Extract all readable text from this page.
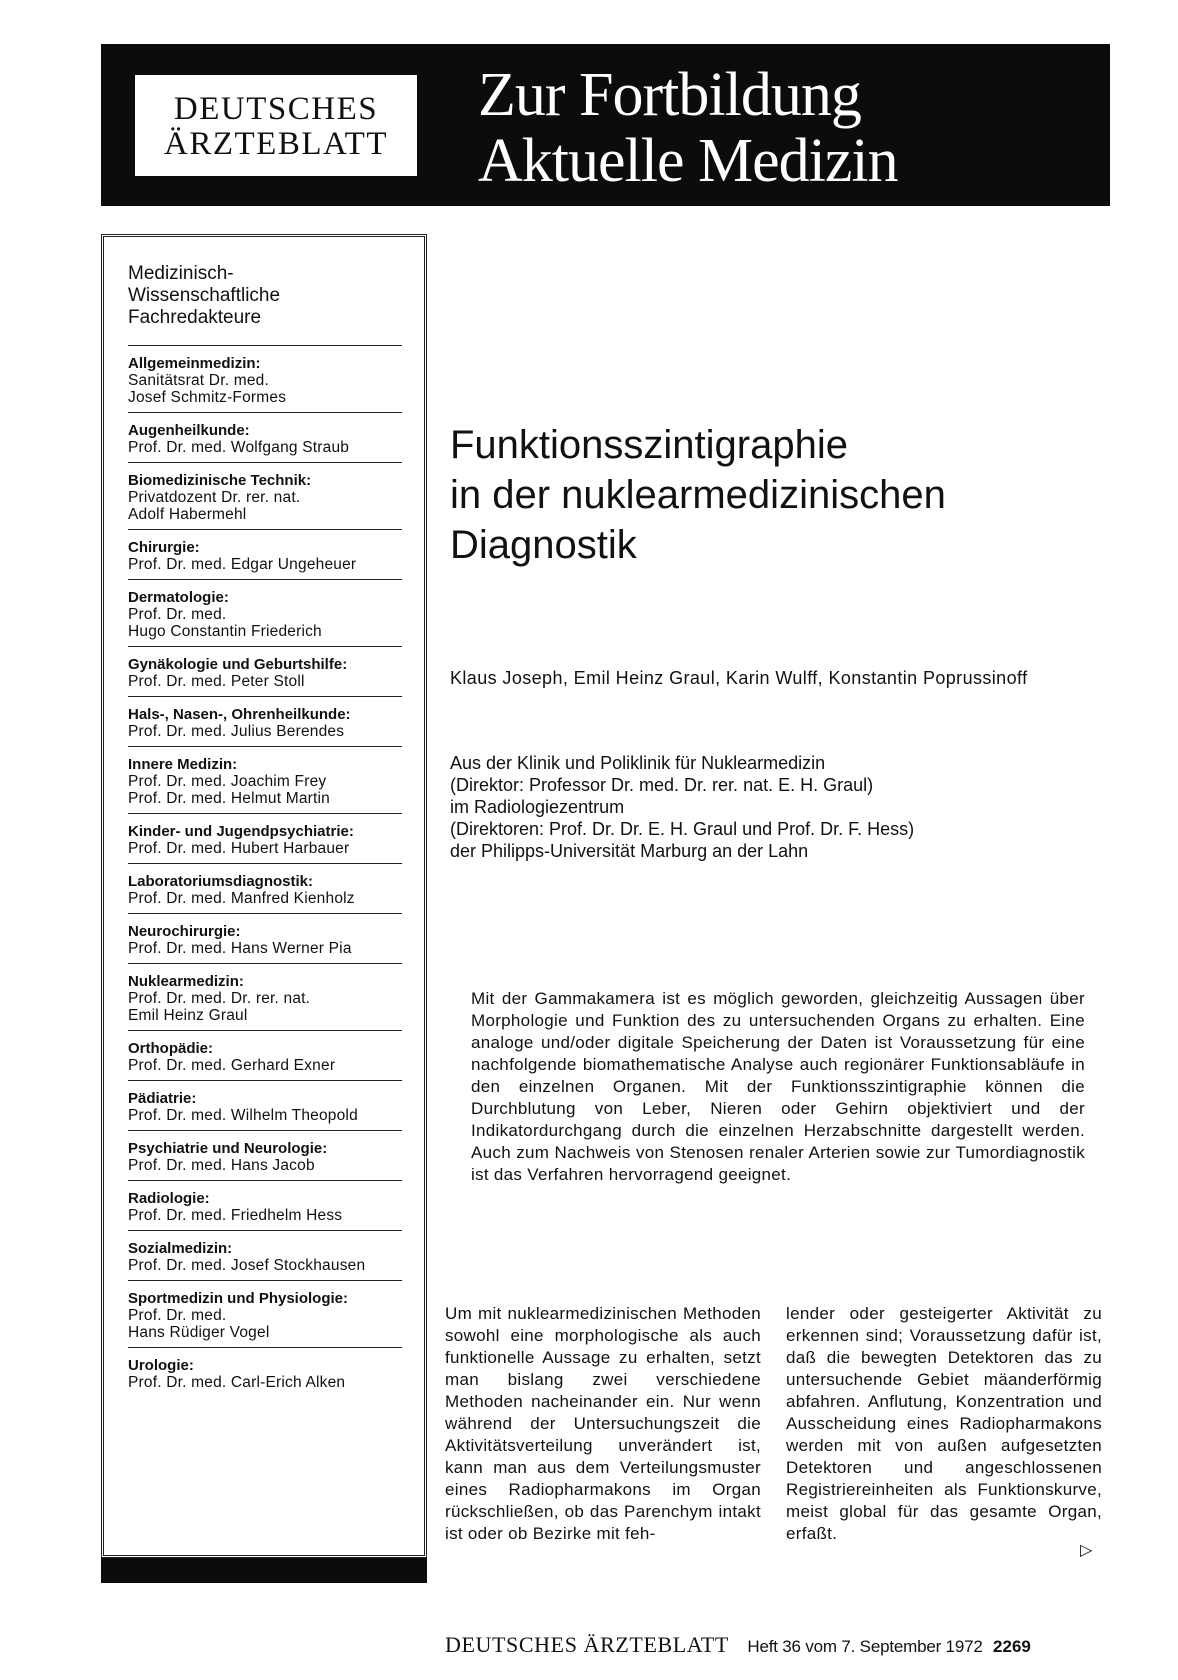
DEUTSCHES
ÄRZTEBLATT
Zur Fortbildung
Aktuelle Medizin
Medizinisch-
Wissenschaftliche
Fachredakteure
Allgemeinmedizin:
Sanitätsrat Dr. med.
Josef Schmitz-Formes
Augenheilkunde:
Prof. Dr. med. Wolfgang Straub
Biomedizinische Technik:
Privatdozent Dr. rer. nat.
Adolf Habermehl
Chirurgie:
Prof. Dr. med. Edgar Ungeheuer
Dermatologie:
Prof. Dr. med.
Hugo Constantin Friederich
Gynäkologie und Geburtshilfe:
Prof. Dr. med. Peter Stoll
Hals-, Nasen-, Ohrenheilkunde:
Prof. Dr. med. Julius Berendes
Innere Medizin:
Prof. Dr. med. Joachim Frey
Prof. Dr. med. Helmut Martin
Kinder- und Jugendpsychiatrie:
Prof. Dr. med. Hubert Harbauer
Laboratoriumsdiagnostik:
Prof. Dr. med. Manfred Kienholz
Neurochirurgie:
Prof. Dr. med. Hans Werner Pia
Nuklearmedizin:
Prof. Dr. med. Dr. rer. nat.
Emil Heinz Graul
Orthopädie:
Prof. Dr. med. Gerhard Exner
Pädiatrie:
Prof. Dr. med. Wilhelm Theopold
Psychiatrie und Neurologie:
Prof. Dr. med. Hans Jacob
Radiologie:
Prof. Dr. med. Friedhelm Hess
Sozialmedizin:
Prof. Dr. med. Josef Stockhausen
Sportmedizin und Physiologie:
Prof. Dr. med.
Hans Rüdiger Vogel
Urologie:
Prof. Dr. med. Carl-Erich Alken
Funktionsszintigraphie
in der nuklearmedizinischen
Diagnostik
Klaus Joseph, Emil Heinz Graul, Karin Wulff, Konstantin Poprussinoff
Aus der Klinik und Poliklinik für Nuklearmedizin
(Direktor: Professor Dr. med. Dr. rer. nat. E. H. Graul)
im Radiologiezentrum
(Direktoren: Prof. Dr. Dr. E. H. Graul und Prof. Dr. F. Hess)
der Philipps-Universität Marburg an der Lahn
Mit der Gammakamera ist es möglich geworden, gleichzeitig Aussagen über Morphologie und Funktion des zu untersuchenden Organs zu erhalten. Eine analoge und/oder digitale Speicherung der Daten ist Voraussetzung für eine nachfolgende biomathematische Analyse auch regionärer Funktionsabläufe in den einzelnen Organen. Mit der Funktionsszintigraphie können die Durchblutung von Leber, Nieren oder Gehirn objektiviert und der Indikatordurchgang durch die einzelnen Herzabschnitte dargestellt werden. Auch zum Nachweis von Stenosen renaler Arterien sowie zur Tumordiagnostik ist das Verfahren hervorragend geeignet.
Um mit nuklearmedizinischen Methoden sowohl eine morphologische als auch funktionelle Aussage zu erhalten, setzt man bislang zwei verschiedene Methoden nacheinander ein. Nur wenn während der Untersuchungszeit die Aktivitätsverteilung unverändert ist, kann man aus dem Verteilungsmuster eines Radiopharmakons im Organ rückschließen, ob das Parenchym intakt ist oder ob Bezirke mit feh-
lender oder gesteigerter Aktivität zu erkennen sind; Voraussetzung dafür ist, daß die bewegten Detektoren das zu untersuchende Gebiet mäanderförmig abfahren. Anflutung, Konzentration und Ausscheidung eines Radiopharmakons werden mit von außen aufgesetzten Detektoren und angeschlossenen Registriereinheiten als Funktionskurve, meist global für das gesamte Organ, erfaßt.
▷
DEUTSCHES ÄRZTEBLATT Heft 36 vom 7. September 1972 2269
